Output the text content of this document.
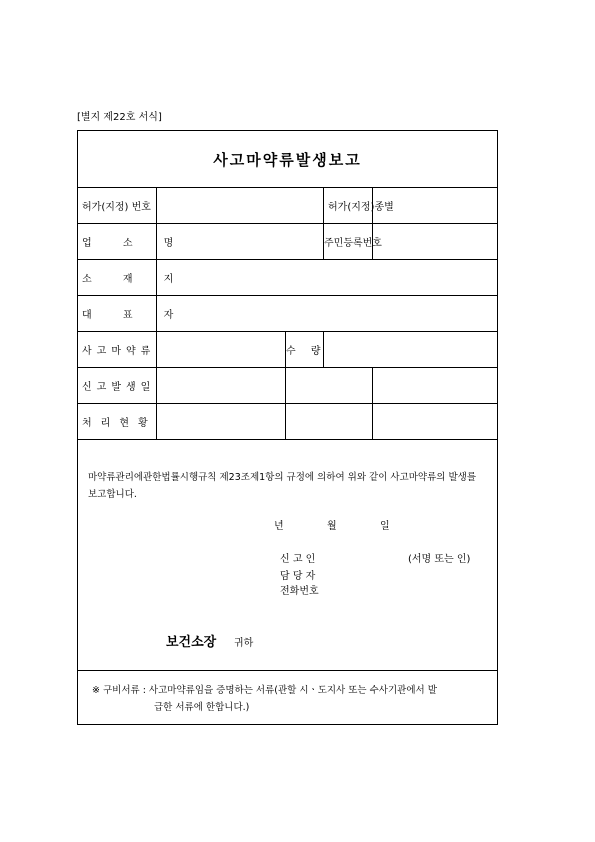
[별지 제22호 서식]
사고마약류발생보고
허가(지정) 번호			허가(지정)종별	
업 소 명			주민등록번호	
소 재 지				
대 표 자				
사고마약류		수 량		
신고발생일				
처리현황				
마약류관리에관한법률시행규칙 제23조제1항의 규정에 의하여 위와 같이 사고마약류의 발생를 보고합니다.
년	월	일
신 고 인	(서명 또는 인)
담 당 자
전화번호
보건소장 귀하
※ 구비서류 : 사고마약류임을 증명하는 서류(관할 시ㆍ도지사 또는 수사기관에서 발
급한 서류에 한합니다.)
